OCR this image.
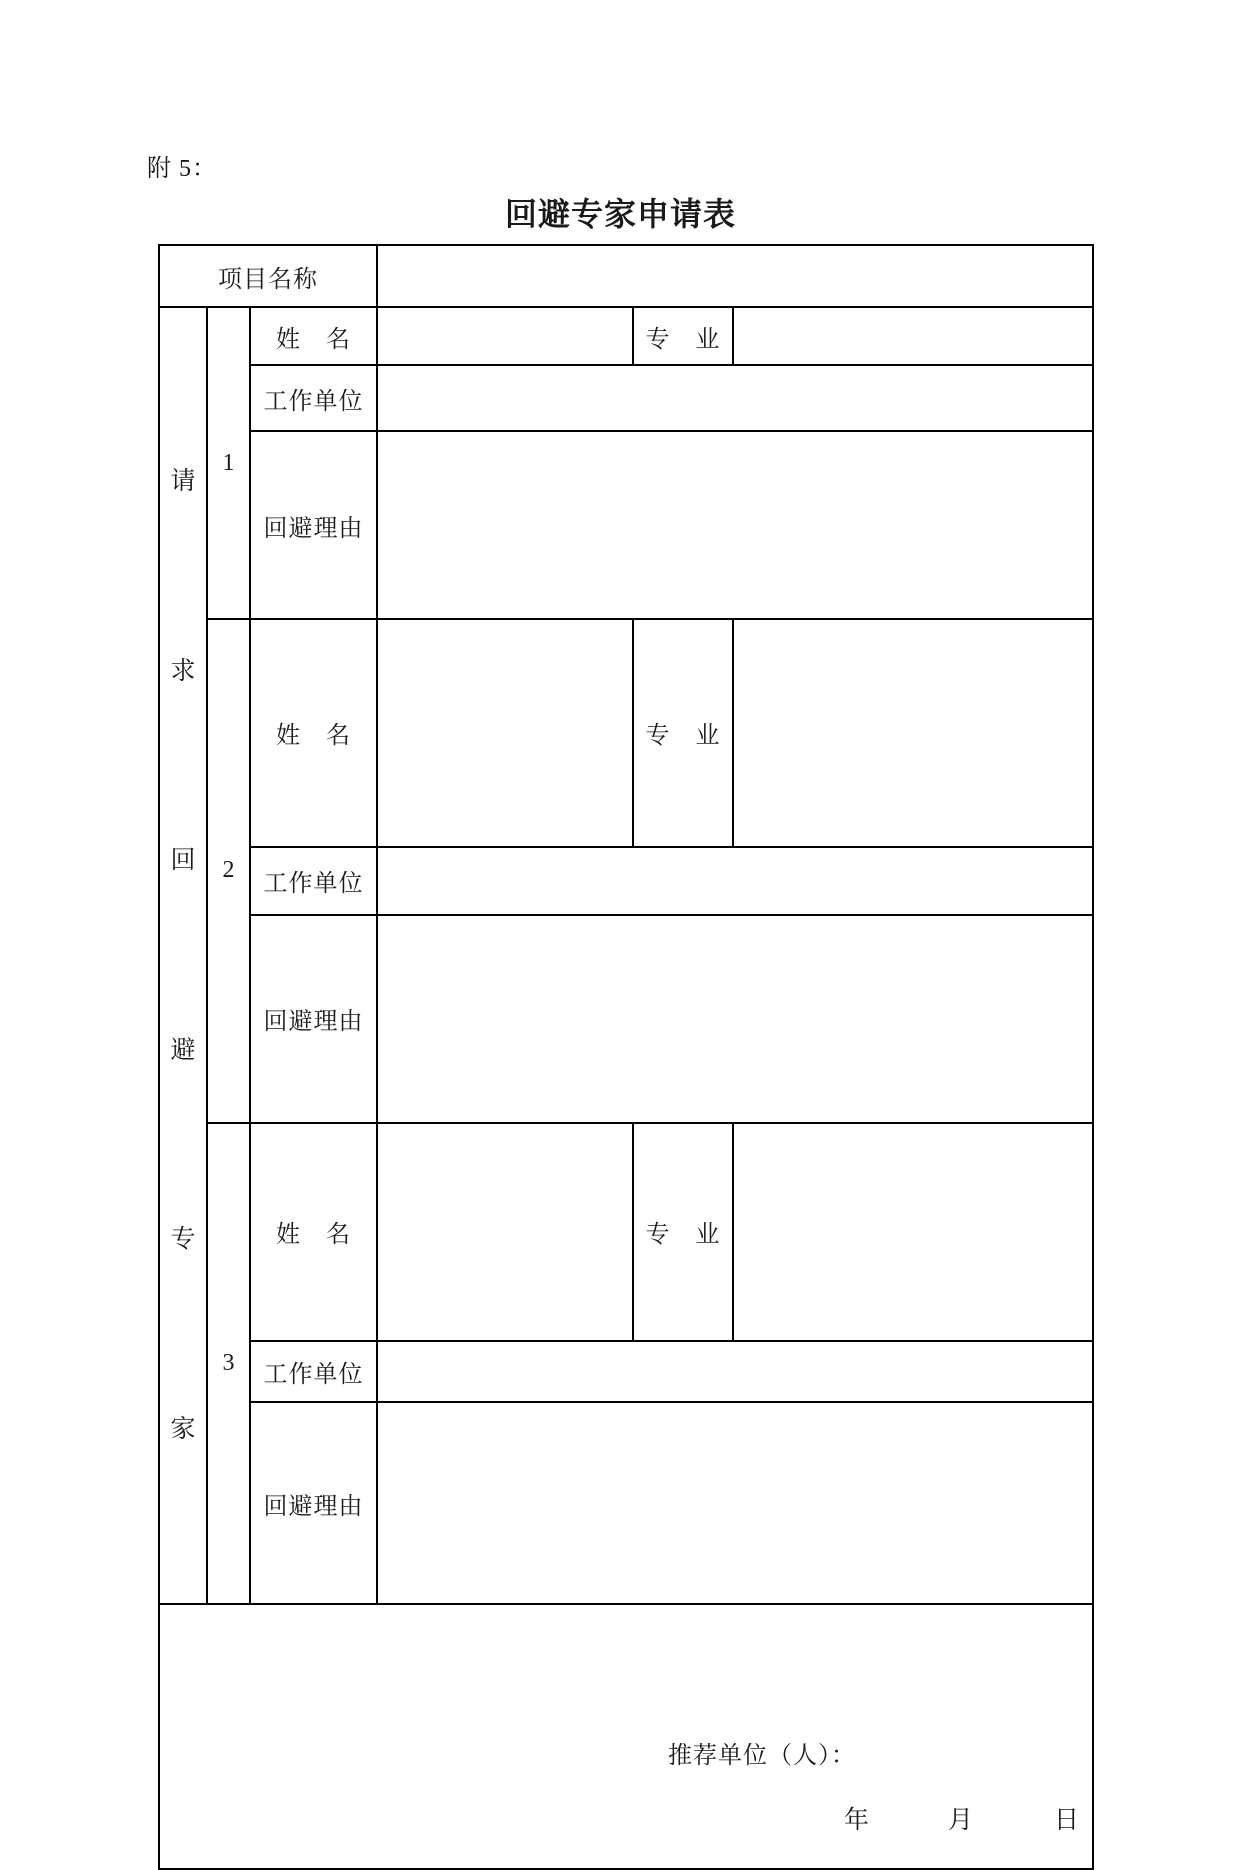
附 5：
回避专家申请表
项目名称					

请
求
回
避
专
家
	1	姓　名		专　业	
		工作单位			
		回避理由			
	2	姓　名		专　业	
		工作单位			
		回避理由			
	3	姓　名		专　业	
		工作单位			
		回避理由			

推荐单位（人）：
年 月 日					
